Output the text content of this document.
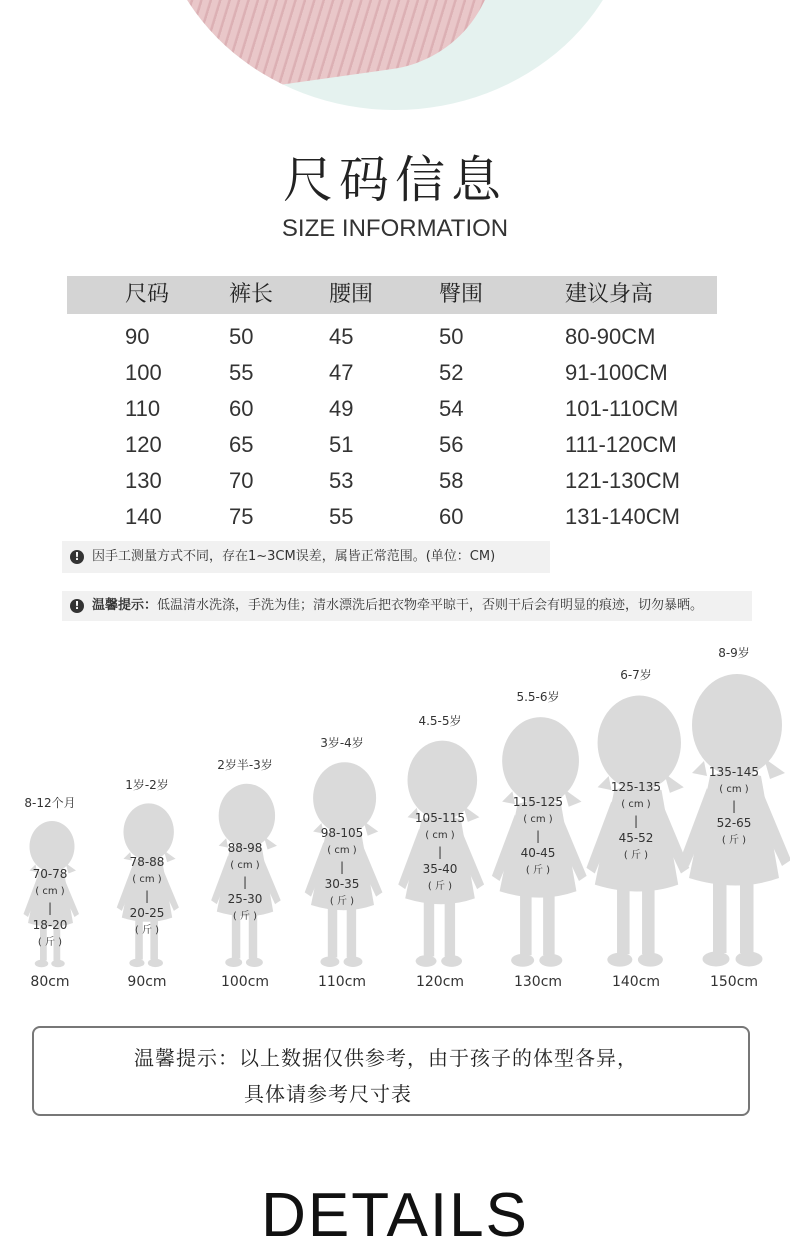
尺码信息
SIZE INFORMATION
尺码	裤长	腰围	臀围	建议身高
90	50	45	50	80-90CM
100	55	47	52	91-100CM
110	60	49	54	101-110CM
120	65	51	56	111-120CM
130	70	53	58	121-130CM
140	75	55	60	131-140CM
! 因手工测量方式不同，存在1~3CM误差，属皆正常范围。(单位：CM)
! 温馨提示：低温清水洗涤，手洗为佳；清水漂洗后把衣物牵平晾干，否则干后会有明显的痕迹，切勿暴晒。
8-12个月
70-78
( cm )
|
18-20
( 斤 )
80cm
1岁-2岁
78-88
( cm )
|
20-25
( 斤 )
90cm
2岁半-3岁
88-98
( cm )
|
25-30
( 斤 )
100cm
3岁-4岁
98-105
( cm )
|
30-35
( 斤 )
110cm
4.5-5岁
105-115
( cm )
|
35-40
( 斤 )
120cm
5.5-6岁
115-125
( cm )
|
40-45
( 斤 )
130cm
6-7岁
125-135
( cm )
|
45-52
( 斤 )
140cm
8-9岁
135-145
( cm )
|
52-65
( 斤 )
150cm
温馨提示：以上数据仅供参考，由于孩子的体型各异，
具体请参考尺寸表
DETAILS
